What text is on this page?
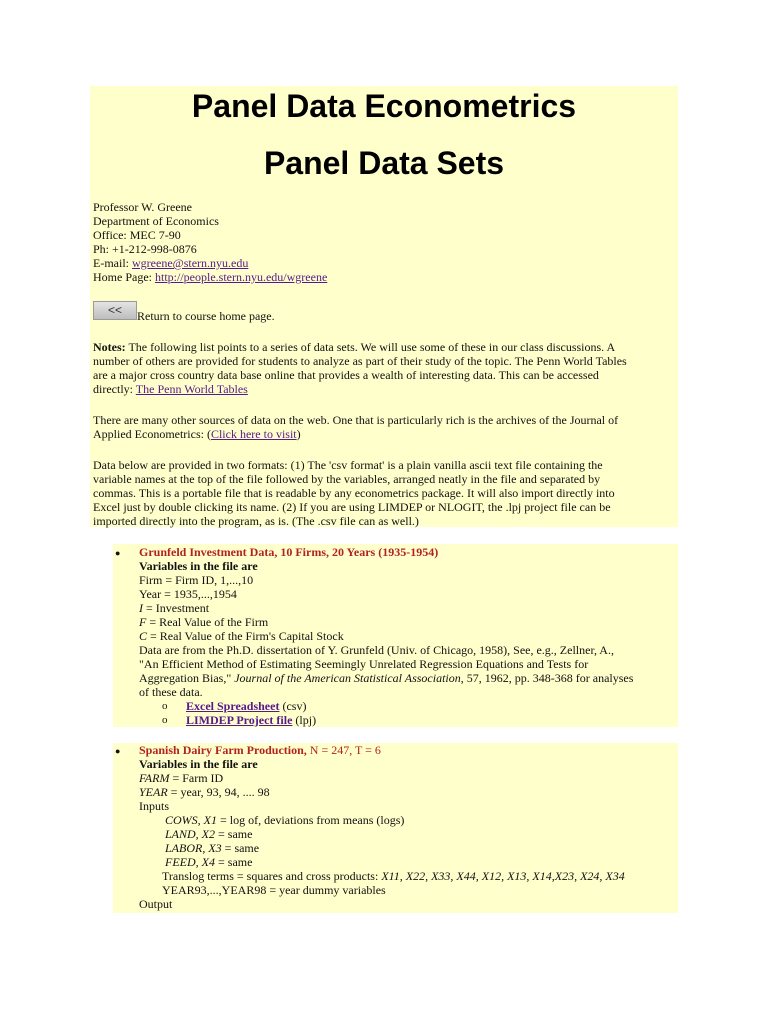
Panel Data Econometrics
Panel Data Sets
Professor W. Greene
Department of Economics
Office: MEC 7-90
Ph: +1-212-998-0876
E-mail: wgreene@stern.nyu.edu
Home Page: http://people.stern.nyu.edu/wgreene
<<	Return to course home page.
Notes: The following list points to a series of data sets. We will use some of these in our class discussions. A
number of others are provided for students to analyze as part of their study of the topic. The Penn World Tables
are a major cross country data base online that provides a wealth of interesting data. This can be accessed
directly: The Penn World Tables
There are many other sources of data on the web. One that is particularly rich is the archives of the Journal of
Applied Econometrics: (Click here to visit)
Data below are provided in two formats: (1) The 'csv format' is a plain vanilla ascii text file containing the
variable names at the top of the file followed by the variables, arranged neatly in the file and separated by
commas. This is a portable file that is readable by any econometrics package. It will also import directly into
Excel just by double clicking its name. (2) If you are using LIMDEP or NLOGIT, the .lpj project file can be
imported directly into the program, as is. (The .csv file can as well.)
● Grunfeld Investment Data, 10 Firms, 20 Years (1935-1954)
Variables in the file are
Firm = Firm ID, 1,...,10
Year = 1935,...,1954
I = Investment
F = Real Value of the Firm
C = Real Value of the Firm's Capital Stock
Data are from the Ph.D. dissertation of Y. Grunfeld (Univ. of Chicago, 1958), See, e.g., Zellner, A.,
"An Efficient Method of Estimating Seemingly Unrelated Regression Equations and Tests for
Aggregation Bias," Journal of the American Statistical Association, 57, 1962, pp. 348-368 for analyses
of these data.
o Excel Spreadsheet (csv)
o LIMDEP Project file (lpj)
● Spanish Dairy Farm Production, N = 247, T = 6
Variables in the file are
FARM = Farm ID
YEAR = year, 93, 94, .... 98
Inputs
COWS, X1 = log of, deviations from means (logs)
LAND, X2 = same
LABOR, X3 = same
FEED, X4 = same
Translog terms = squares and cross products: X11, X22, X33, X44, X12, X13, X14,X23, X24, X34
YEAR93,...,YEAR98 = year dummy variables
Output
